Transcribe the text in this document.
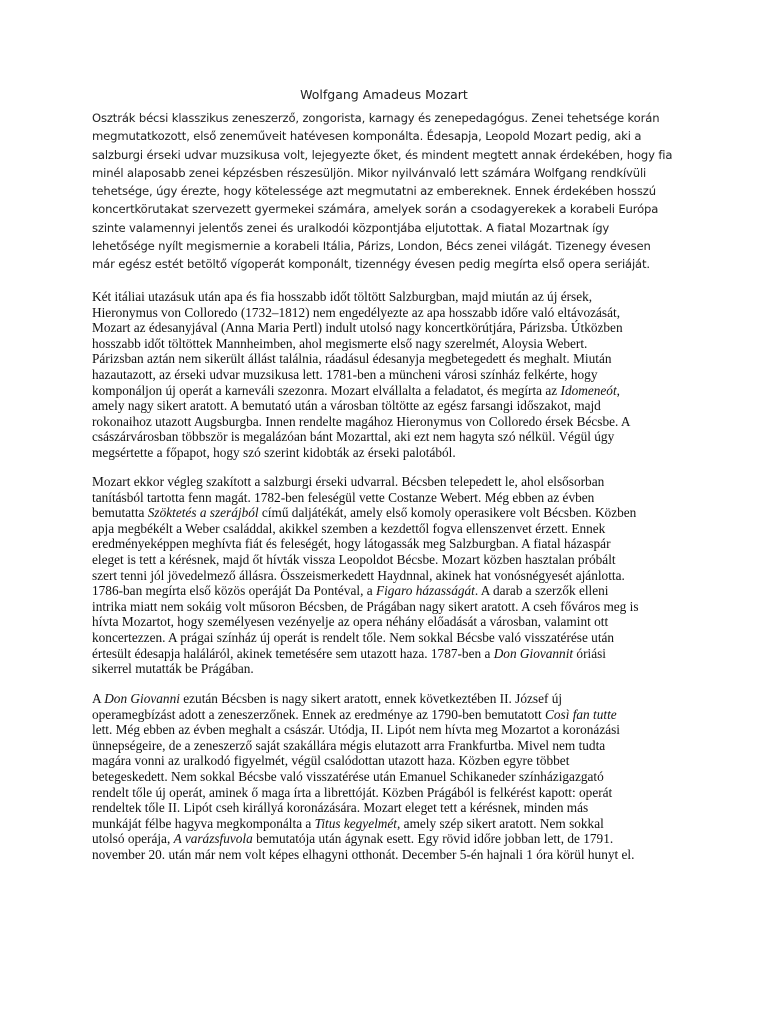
Wolfgang Amadeus Mozart
Osztrák bécsi klasszikus zeneszerző, zongorista, karnagy és zenepedagógus. Zenei tehetsége korán
megmutatkozott, első zeneműveit hatévesen komponálta. Édesapja, Leopold Mozart pedig, aki a
salzburgi érseki udvar muzsikusa volt, lejegyezte őket, és mindent megtett annak érdekében, hogy fia
minél alaposabb zenei képzésben részesüljön. Mikor nyilvánvaló lett számára Wolfgang rendkívüli
tehetsége, úgy érezte, hogy kötelessége azt megmutatni az embereknek. Ennek érdekében hosszú
koncertkörutakat szervezett gyermekei számára, amelyek során a csodagyerekek a korabeli Európa
szinte valamennyi jelentős zenei és uralkodói központjába eljutottak. A fiatal Mozartnak így
lehetősége nyílt megismernie a korabeli Itália, Párizs, London, Bécs zenei világát. Tizenegy évesen
már egész estét betöltő vígoperát komponált, tizennégy évesen pedig megírta első opera seriáját.
Két itáliai utazásuk után apa és fia hosszabb időt töltött Salzburgban, majd miután az új érsek,
Hieronymus von Colloredo (1732–1812) nem engedélyezte az apa hosszabb időre való eltávozását,
Mozart az édesanyjával (Anna Maria Pertl) indult utolsó nagy koncertkörútjára, Párizsba. Útközben
hosszabb időt töltöttek Mannheimben, ahol megismerte első nagy szerelmét, Aloysia Webert.
Párizsban aztán nem sikerült állást találnia, ráadásul édesanyja megbetegedett és meghalt. Miután
hazautazott, az érseki udvar muzsikusa lett. 1781-ben a müncheni városi színház felkérte, hogy
komponáljon új operát a karneváli szezonra. Mozart elvállalta a feladatot, és megírta az Idomeneót,
amely nagy sikert aratott. A bemutató után a városban töltötte az egész farsangi időszakot, majd
rokonaihoz utazott Augsburgba. Innen rendelte magához Hieronymus von Colloredo érsek Bécsbe. A
császárvárosban többször is megalázóan bánt Mozarttal, aki ezt nem hagyta szó nélkül. Végül úgy
megsértette a főpapot, hogy szó szerint kidobták az érseki palotából.
Mozart ekkor végleg szakított a salzburgi érseki udvarral. Bécsben telepedett le, ahol elsősorban
tanításból tartotta fenn magát. 1782-ben feleségül vette Costanze Webert. Még ebben az évben
bemutatta Szöktetés a szerájból című daljátékát, amely első komoly operasikere volt Bécsben. Közben
apja megbékélt a Weber családdal, akikkel szemben a kezdettől fogva ellenszenvet érzett. Ennek
eredményeképpen meghívta fiát és feleségét, hogy látogassák meg Salzburgban. A fiatal házaspár
eleget is tett a kérésnek, majd őt hívták vissza Leopoldot Bécsbe. Mozart közben hasztalan próbált
szert tenni jól jövedelmező állásra. Összeismerkedett Haydnnal, akinek hat vonósnégyesét ajánlotta.
1786-ban megírta első közös operáját Da Pontéval, a Figaro házasságát. A darab a szerzők elleni
intrika miatt nem sokáig volt műsoron Bécsben, de Prágában nagy sikert aratott. A cseh főváros meg is
hívta Mozartot, hogy személyesen vezényelje az opera néhány előadását a városban, valamint ott
koncertezzen. A prágai színház új operát is rendelt tőle. Nem sokkal Bécsbe való visszatérése után
értesült édesapja haláláról, akinek temetésére sem utazott haza. 1787-ben a Don Giovannit óriási
sikerrel mutatták be Prágában.
A Don Giovanni ezután Bécsben is nagy sikert aratott, ennek következtében II. József új
operamegbízást adott a zeneszerzőnek. Ennek az eredménye az 1790-ben bemutatott Così fan tutte
lett. Még ebben az évben meghalt a császár. Utódja, II. Lipót nem hívta meg Mozartot a koronázási
ünnepségeire, de a zeneszerző saját szakállára mégis elutazott arra Frankfurtba. Mivel nem tudta
magára vonni az uralkodó figyelmét, végül csalódottan utazott haza. Közben egyre többet
betegeskedett. Nem sokkal Bécsbe való visszatérése után Emanuel Schikaneder színházigazgató
rendelt tőle új operát, aminek ő maga írta a librettóját. Közben Prágából is felkérést kapott: operát
rendeltek tőle II. Lipót cseh királlyá koronázására. Mozart eleget tett a kérésnek, minden más
munkáját félbe hagyva megkomponálta a Titus kegyelmét, amely szép sikert aratott. Nem sokkal
utolsó operája, A varázsfuvola bemutatója után ágynak esett. Egy rövid időre jobban lett, de 1791.
november 20. után már nem volt képes elhagyni otthonát. December 5-én hajnali 1 óra körül hunyt el.
